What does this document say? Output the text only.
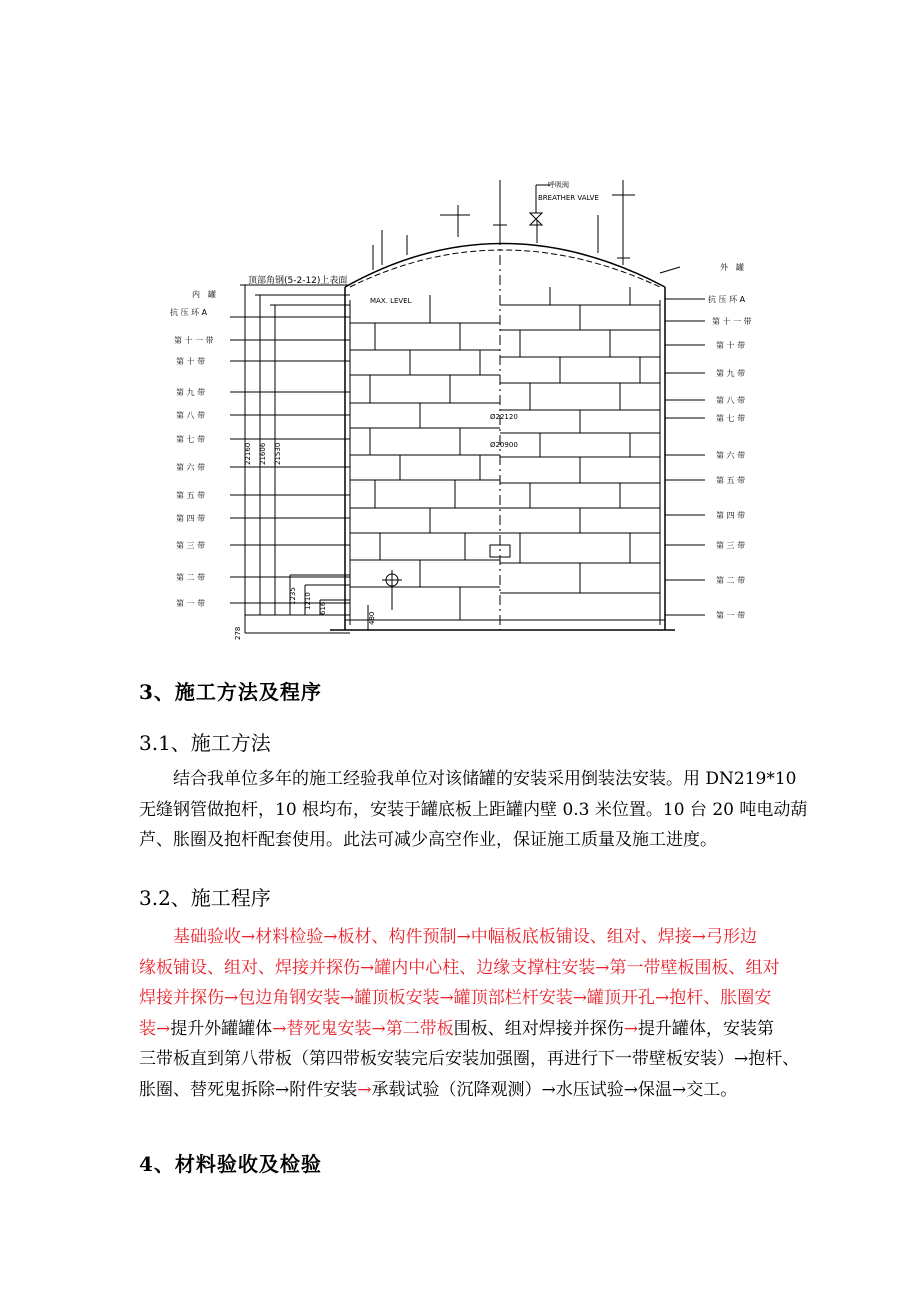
内　罐
抗 压 环 A
第 十 一 带
第 十 带
第 九 带
第 八 带
第 七 带
第 六 带
第 五 带
第 四 带
第 三 带
第 二 带
第 一 带
外　罐
抗 压 环 A
第 十 一 带
第 十 带
第 九 带
第 八 带
第 七 带
第 六 带
第 五 带
第 四 带
第 三 带
第 二 带
第 一 带
顶部角钢(5-2-12)上表面
呼吸阀
BREATHER VALVE
MAX. LEVEL
Ø22120
Ø20900
22160 21606 21530
1235 1210 616
278
480
3、施工方法及程序
3.1、施工方法
　　结合我单位多年的施工经验我单位对该储罐的安装采用倒装法安装。用 DN219*10
无缝钢管做抱杆，10 根均布，安装于罐底板上距罐内壁 0.3 米位置。10 台 20 吨电动葫
芦、胀圈及抱杆配套使用。此法可减少高空作业，保证施工质量及施工进度。
3.2、施工程序
　　基础验收→材料检验→板材、构件预制→中幅板底板铺设、组对、焊接→弓形边
缘板铺设、组对、焊接并探伤→罐内中心柱、边缘支撑柱安装→第一带壁板围板、组对
焊接并探伤→包边角钢安装→罐顶板安装→罐顶部栏杆安装→罐顶开孔→抱杆、胀圈安
装→提升外罐罐体→替死鬼安装→第二带板围板、组对焊接并探伤→提升罐体，安装第
三带板直到第八带板（第四带板安装完后安装加强圈，再进行下一带壁板安装）→抱杆、
胀圈、替死鬼拆除→附件安装→承载试验（沉降观测）→水压试验→保温→交工。
4、材料验收及检验
